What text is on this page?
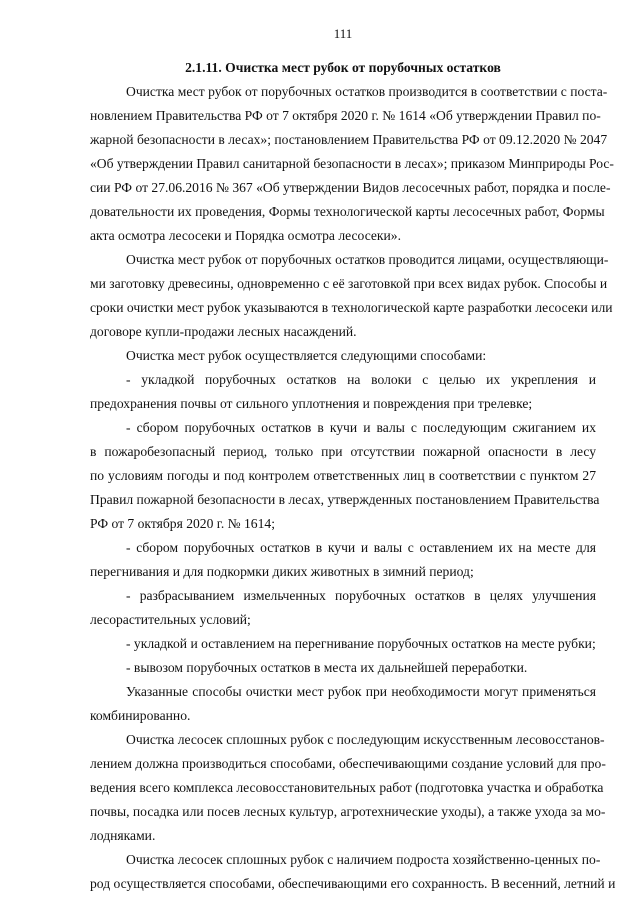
111
2.1.11. Очистка мест рубок от порубочных остатков
Очистка мест рубок от порубочных остатков производится в соответствии с поста-
новлением Правительства РФ от 7 октября 2020 г. № 1614 «Об утверждении Правил по-
жарной безопасности в лесах»; постановлением Правительства РФ от 09.12.2020 № 2047
«Об утверждении Правил санитарной безопасности в лесах»; приказом Минприроды Рос-
сии РФ от 27.06.2016 № 367 «Об утверждении Видов лесосечных работ, порядка и после-
довательности их проведения, Формы технологической карты лесосечных работ, Формы
акта осмотра лесосеки и Порядка осмотра лесосеки».
Очистка мест рубок от порубочных остатков проводится лицами, осуществляющи-
ми заготовку древесины, одновременно с её заготовкой при всех видах рубок. Способы и
сроки очистки мест рубок указываются в технологической карте разработки лесосеки или
договоре купли-продажи лесных насаждений.
Очистка мест рубок осуществляется следующими способами:
- укладкой порубочных остатков на волоки с целью их укрепления и
предохранения почвы от сильного уплотнения и повреждения при трелевке;
- сбором порубочных остатков в кучи и валы с последующим сжиганием их
в пожаробезопасный период, только при отсутствии пожарной опасности в лесу
по условиям погоды и под контролем ответственных лиц в соответствии с пунктом 27
Правил пожарной безопасности в лесах, утвержденных постановлением Правительства
РФ от 7 октября 2020 г. № 1614;
- сбором порубочных остатков в кучи и валы с оставлением их на месте для
перегнивания и для подкормки диких животных в зимний период;
- разбрасыванием измельченных порубочных остатков в целях улучшения
лесорастительных условий;
- укладкой и оставлением на перегнивание порубочных остатков на месте рубки;
- вывозом порубочных остатков в места их дальнейшей переработки.
Указанные способы очистки мест рубок при необходимости могут применяться
комбинированно.
Очистка лесосек сплошных рубок с последующим искусственным лесовосстанов-
лением должна производиться способами, обеспечивающими создание условий для про-
ведения всего комплекса лесовосстановительных работ (подготовка участка и обработка
почвы, посадка или посев лесных культур, агротехнические уходы), а также ухода за мо-
лодняками.
Очистка лесосек сплошных рубок с наличием подроста хозяйственно-ценных по-
род осуществляется способами, обеспечивающими его сохранность. В весенний, летний и
